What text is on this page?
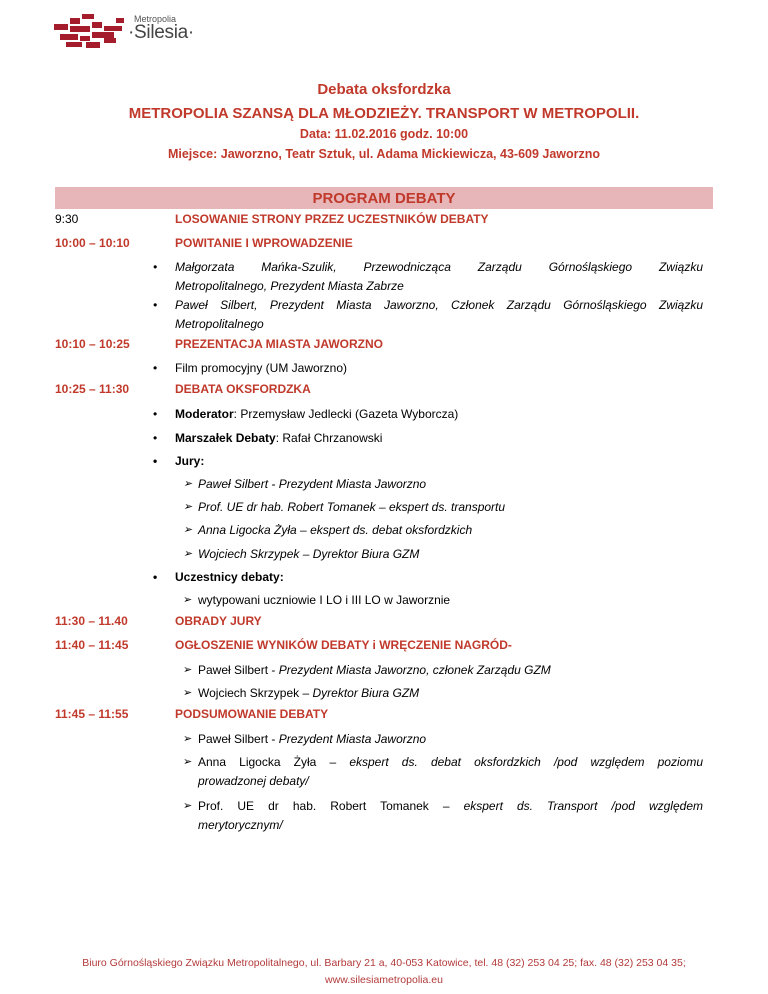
Metropolia
·Silesia·
Debata oksfordzka
METROPOLIA SZANSĄ DLA MŁODZIEŻY. TRANSPORT W METROPOLII.
Data: 11.02.2016 godz. 10:00
Miejsce: Jaworzno, Teatr Sztuk, ul. Adama Mickiewicza, 43-609 Jaworzno
PROGRAM DEBATY
9:30	LOSOWANIE STRONY PRZEZ UCZESTNIKÓW DEBATY
10:00 – 10:10	POWITANIE I WPROWADZENIE
• Małgorzata Mańka-Szulik, Przewodnicząca Zarządu Górnośląskiego Związku
Metropolitalnego, Prezydent Miasta Zabrze
• Paweł Silbert, Prezydent Miasta Jaworzno, Członek Zarządu Górnośląskiego Związku
Metropolitalnego
10:10 – 10:25	PREZENTACJA MIASTA JAWORZNO
• Film promocyjny (UM Jaworzno)
10:25 – 11:30	DEBATA OKSFORDZKA
• Moderator: Przemysław Jedlecki (Gazeta Wyborcza)
• Marszałek Debaty: Rafał Chrzanowski
• Jury:
➢ Paweł Silbert - Prezydent Miasta Jaworzno
➢ Prof. UE dr hab. Robert Tomanek – ekspert ds. transportu
➢ Anna Ligocka Żyła – ekspert ds. debat oksfordzkich
➢ Wojciech Skrzypek – Dyrektor Biura GZM
• Uczestnicy debaty:
➢ wytypowani uczniowie I LO i III LO w Jaworznie
11:30 – 11.40	OBRADY JURY
11:40 – 11:45	OGŁOSZENIE WYNIKÓW DEBATY i WRĘCZENIE NAGRÓD-
➢ Paweł Silbert - Prezydent Miasta Jaworzno, członek Zarządu GZM
➢ Wojciech Skrzypek – Dyrektor Biura GZM
11:45 – 11:55	PODSUMOWANIE DEBATY
➢ Paweł Silbert - Prezydent Miasta Jaworzno
➢ Anna Ligocka Żyła – ekspert ds. debat oksfordzkich /pod względem poziomu
prowadzonej debaty/
➢ Prof. UE dr hab. Robert Tomanek – ekspert ds. Transport /pod względem
merytorycznym/
Biuro Górnośląskiego Związku Metropolitalnego, ul. Barbary 21 a, 40-053 Katowice, tel. 48 (32) 253 04 25; fax. 48 (32) 253 04 35;
www.silesiametropolia.eu
